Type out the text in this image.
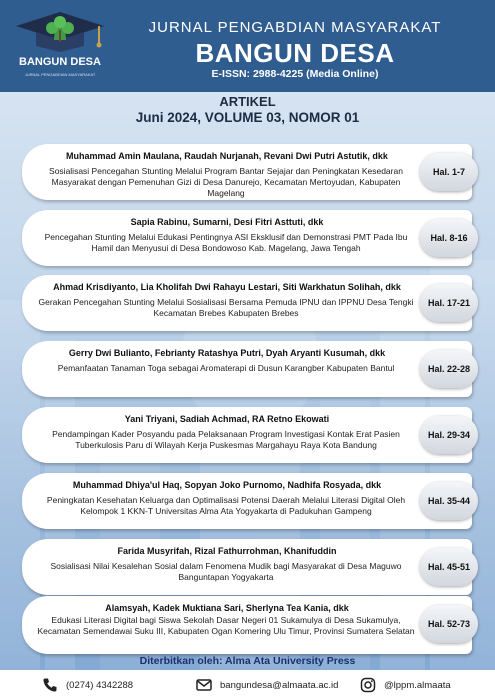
BANGUN DESA
JURNAL PENGABDIAN MASYARAKAT
JURNAL PENGABDIAN MASYARAKAT
BANGUN DESA
E-ISSN: 2988-4225 (Media Online)
ARTIKEL
Juni 2024, VOLUME 03, NOMOR 01
Muhammad Amin Maulana, Raudah Nurjanah, Revani Dwi Putri Astutik, dkk
Sosialisasi Pencegahan Stunting Melalui Program Bantar Sejajar dan Peningkatan Kesedaran Masyarakat dengan Pemenuhan Gizi di Desa Danurejo, Kecamatan Mertoyudan, Kabupaten Magelang
Hal. 1-7
Sapia Rabinu, Sumarni, Desi Fitri Asttuti, dkk
Pencegahan Stunting Melalui Edukasi Pentingnya ASI Eksklusif dan Demonstrasi PMT Pada Ibu Hamil dan Menyusui di Desa Bondowoso Kab. Magelang, Jawa Tengah
Hal. 8-16
Ahmad Krisdiyanto, Lia Kholifah Dwi Rahayu Lestari, Siti Warkhatun Solihah, dkk
Gerakan Pencegahan Stunting Melalui Sosialisasi Bersama Pemuda IPNU dan IPPNU Desa Tengki Kecamatan Brebes Kabupaten Brebes
Hal. 17-21
Gerry Dwi Bulianto, Febrianty Ratashya Putri, Dyah Aryanti Kusumah, dkk
Pemanfaatan Tanaman Toga sebagai Aromaterapi di Dusun Karangber Kabupaten Bantul	Hal. 22-28
Yani Triyani, Sadiah Achmad, RA Retno Ekowati
Pendampingan Kader Posyandu pada Pelaksanaan Program Investigasi Kontak Erat Pasien Tuberkulosis Paru di Wilayah Kerja Puskesmas Margahayu Raya Kota Bandung
Hal. 29-34
Muhammad Dhiya'ul Haq, Sopyan Joko Purnomo, Nadhifa Rosyada, dkk
Peningkatan Kesehatan Keluarga dan Optimalisasi Potensi Daerah Melalui Literasi Digital Oleh Kelompok 1 KKN-T Universitas Alma Ata Yogyakarta di Padukuhan Gampeng
Hal. 35-44
Farida Musyrifah, Rizal Fathurrohman, Khanifuddin
Sosialisasi Nilai Kesalehan Sosial dalam Fenomena Mudik bagi Masyarakat di Desa Maguwo Banguntapan Yogyakarta
Hal. 45-51
Alamsyah, Kadek Muktiana Sari, Sherlyna Tea Kania, dkk
Edukasi Literasi Digital bagi Siswa Sekolah Dasar Negeri 01 Sukamulya di Desa Sukamulya, Kecamatan Semendawai Suku III, Kabupaten Ogan Komering Ulu Timur, Provinsi Sumatera Selatan
Hal. 52-73
Diterbitkan oleh: Alma Ata University Press
(0274) 4342288	bangundesa@almaata.ac.id	@lppm.almaata
